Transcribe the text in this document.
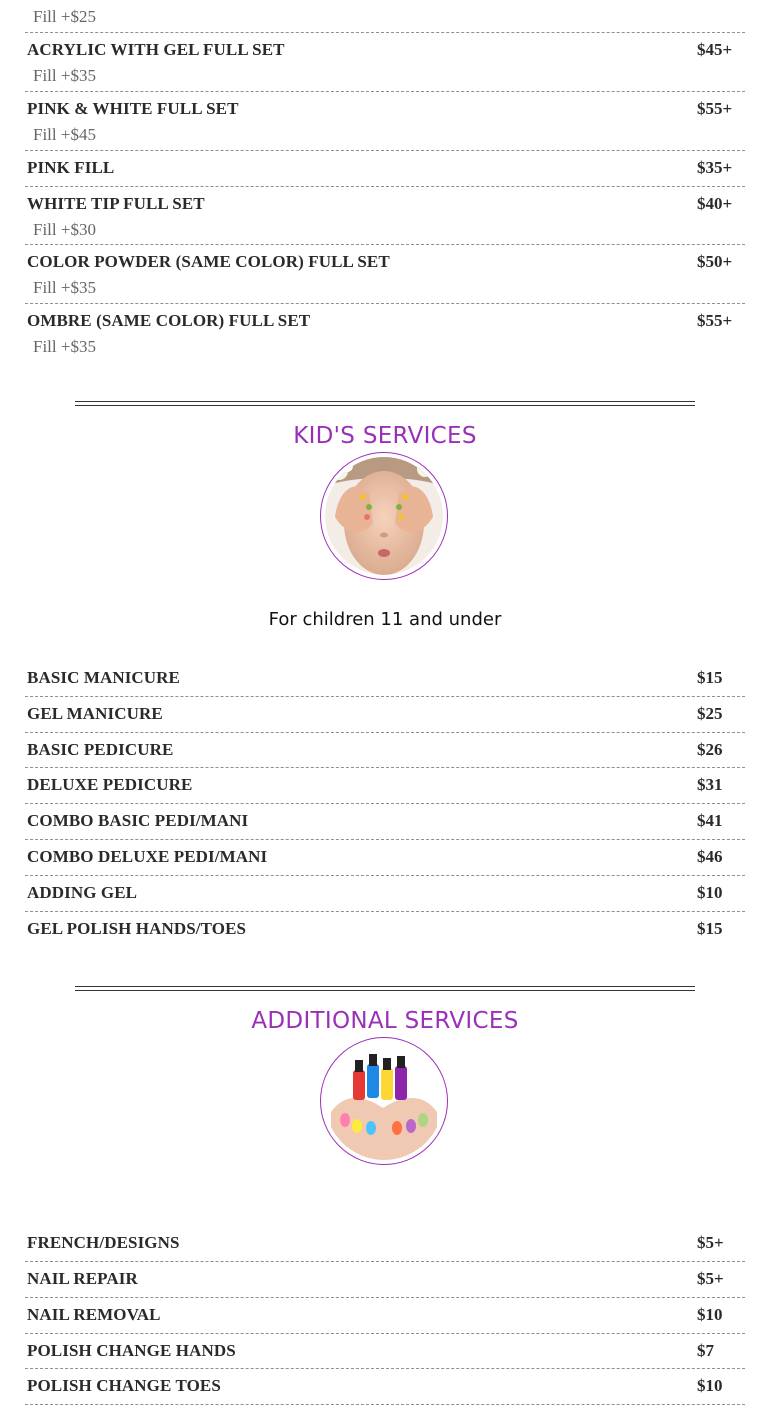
Fill +$25
ACRYLIC WITH GEL FULL SET	$45+
Fill +$35
PINK & WHITE FULL SET	$55+
Fill +$45
PINK FILL	$35+
WHITE TIP FULL SET	$40+
Fill +$30
COLOR POWDER (SAME COLOR) FULL SET	$50+
Fill +$35
OMBRE (SAME COLOR) FULL SET	$55+
Fill +$35
KID'S SERVICES
For children 11 and under
BASIC MANICURE	$15
GEL MANICURE	$25
BASIC PEDICURE	$26
DELUXE PEDICURE	$31
COMBO BASIC PEDI/MANI	$41
COMBO DELUXE PEDI/MANI	$46
ADDING GEL	$10
GEL POLISH HANDS/TOES	$15
ADDITIONAL SERVICES
FRENCH/DESIGNS	$5+
NAIL REPAIR	$5+
NAIL REMOVAL	$10
POLISH CHANGE HANDS	$7
POLISH CHANGE TOES	$10
